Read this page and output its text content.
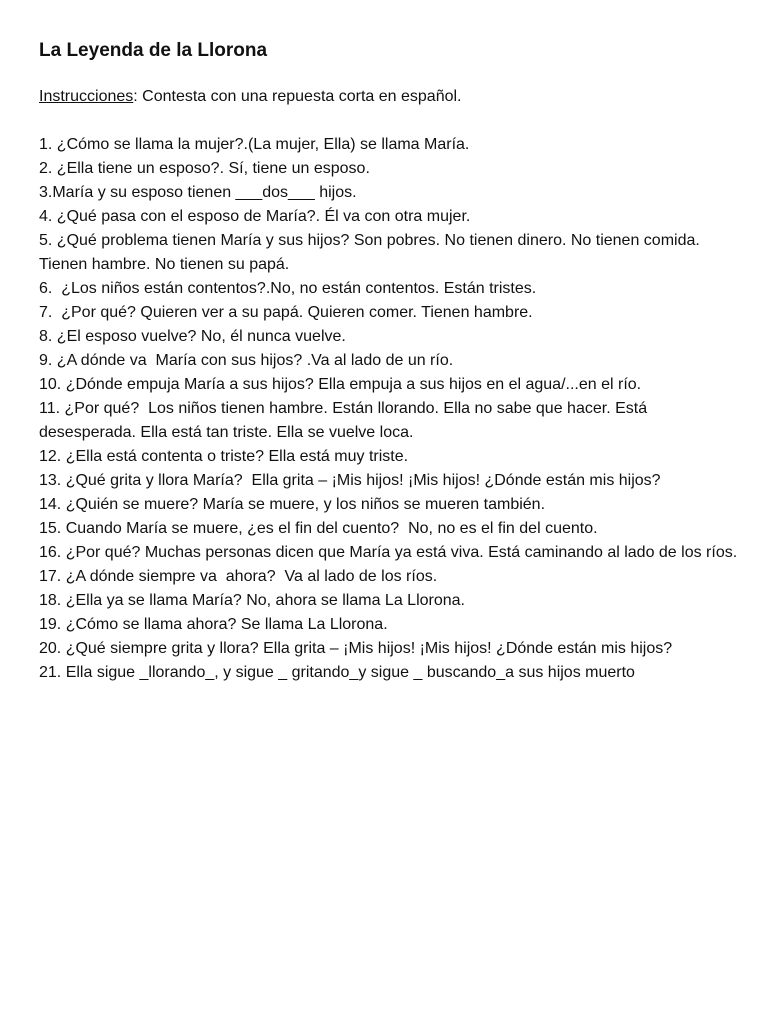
La Leyenda de la Llorona
Instrucciones: Contesta con una repuesta corta en español.
1. ¿Cómo se llama la mujer?.(La mujer, Ella) se llama María.
2. ¿Ella tiene un esposo?. Sí, tiene un esposo.
3.María y su esposo tienen ___dos___ hijos.
4. ¿Qué pasa con el esposo de María?. Él va con otra mujer.
5. ¿Qué problema tienen María y sus hijos? Son pobres. No tienen dinero. No tienen comida. Tienen hambre. No tienen su papá.
6.  ¿Los niños están contentos?.No, no están contentos. Están tristes.
7.  ¿Por qué? Quieren ver a su papá. Quieren comer. Tienen hambre.
8. ¿El esposo vuelve? No, él nunca vuelve.
9. ¿A dónde va  María con sus hijos? .Va al lado de un río.
10. ¿Dónde empuja María a sus hijos? Ella empuja a sus hijos en el agua/...en el río.
11. ¿Por qué?  Los niños tienen hambre. Están llorando. Ella no sabe que hacer. Está desesperada. Ella está tan triste. Ella se vuelve loca.
12. ¿Ella está contenta o triste? Ella está muy triste.
13. ¿Qué grita y llora María?  Ella grita – ¡Mis hijos! ¡Mis hijos! ¿Dónde están mis hijos?
14. ¿Quién se muere? María se muere, y los niños se mueren también.
15. Cuando María se muere, ¿es el fin del cuento?  No, no es el fin del cuento.
16. ¿Por qué? Muchas personas dicen que María ya está viva. Está caminando al lado de los ríos.
17. ¿A dónde siempre va  ahora?  Va al lado de los ríos.
18. ¿Ella ya se llama María? No, ahora se llama La Llorona.
19. ¿Cómo se llama ahora? Se llama La Llorona.
20. ¿Qué siempre grita y llora? Ella grita – ¡Mis hijos! ¡Mis hijos! ¿Dónde están mis hijos?
21. Ella sigue _llorando_, y sigue _ gritando_y sigue _ buscando_a sus hijos muerto
